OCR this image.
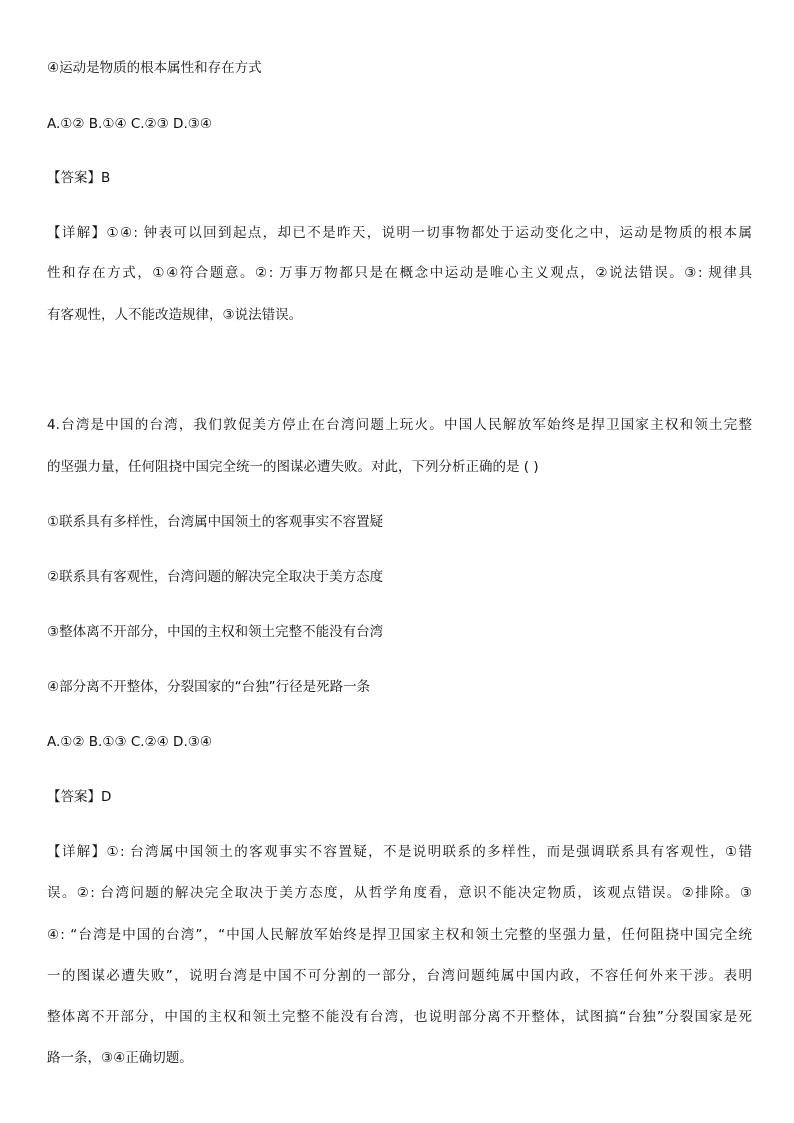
④运动是物质的根本属性和存在方式
A.①② B.①④ C.②③ D.③④
【答案】B
【详解】①④: 钟表可以回到起点，却已不是昨天，说明一切事物都处于运动变化之中，运动是物质的根本属
性和存在方式，①④符合题意。②: 万事万物都只是在概念中运动是唯心主义观点，②说法错误。③: 规律具
有客观性，人不能改造规律，③说法错误。
4.台湾是中国的台湾，我们敦促美方停止在台湾问题上玩火。中国人民解放军始终是捍卫国家主权和领土完整
的坚强力量，任何阻挠中国完全统一的图谋必遭失败。对此，下列分析正确的是 ( )
①联系具有多样性，台湾属中国领土的客观事实不容置疑
②联系具有客观性，台湾问题的解决完全取决于美方态度
③整体离不开部分，中国的主权和领土完整不能没有台湾
④部分离不开整体，分裂国家的“台独”行径是死路一条
A.①② B.①③ C.②④ D.③④
【答案】D
【详解】①: 台湾属中国领土的客观事实不容置疑，不是说明联系的多样性，而是强调联系具有客观性，①错
误。②: 台湾问题的解决完全取决于美方态度，从哲学角度看，意识不能决定物质，该观点错误。②排除。③
④: “台湾是中国的台湾”，“中国人民解放军始终是捍卫国家主权和领土完整的坚强力量，任何阻挠中国完全统
一的图谋必遭失败”，说明台湾是中国不可分割的一部分，台湾问题纯属中国内政，不容任何外来干涉。表明
整体离不开部分，中国的主权和领土完整不能没有台湾，也说明部分离不开整体，试图搞“台独”分裂国家是死
路一条，③④正确切题。
